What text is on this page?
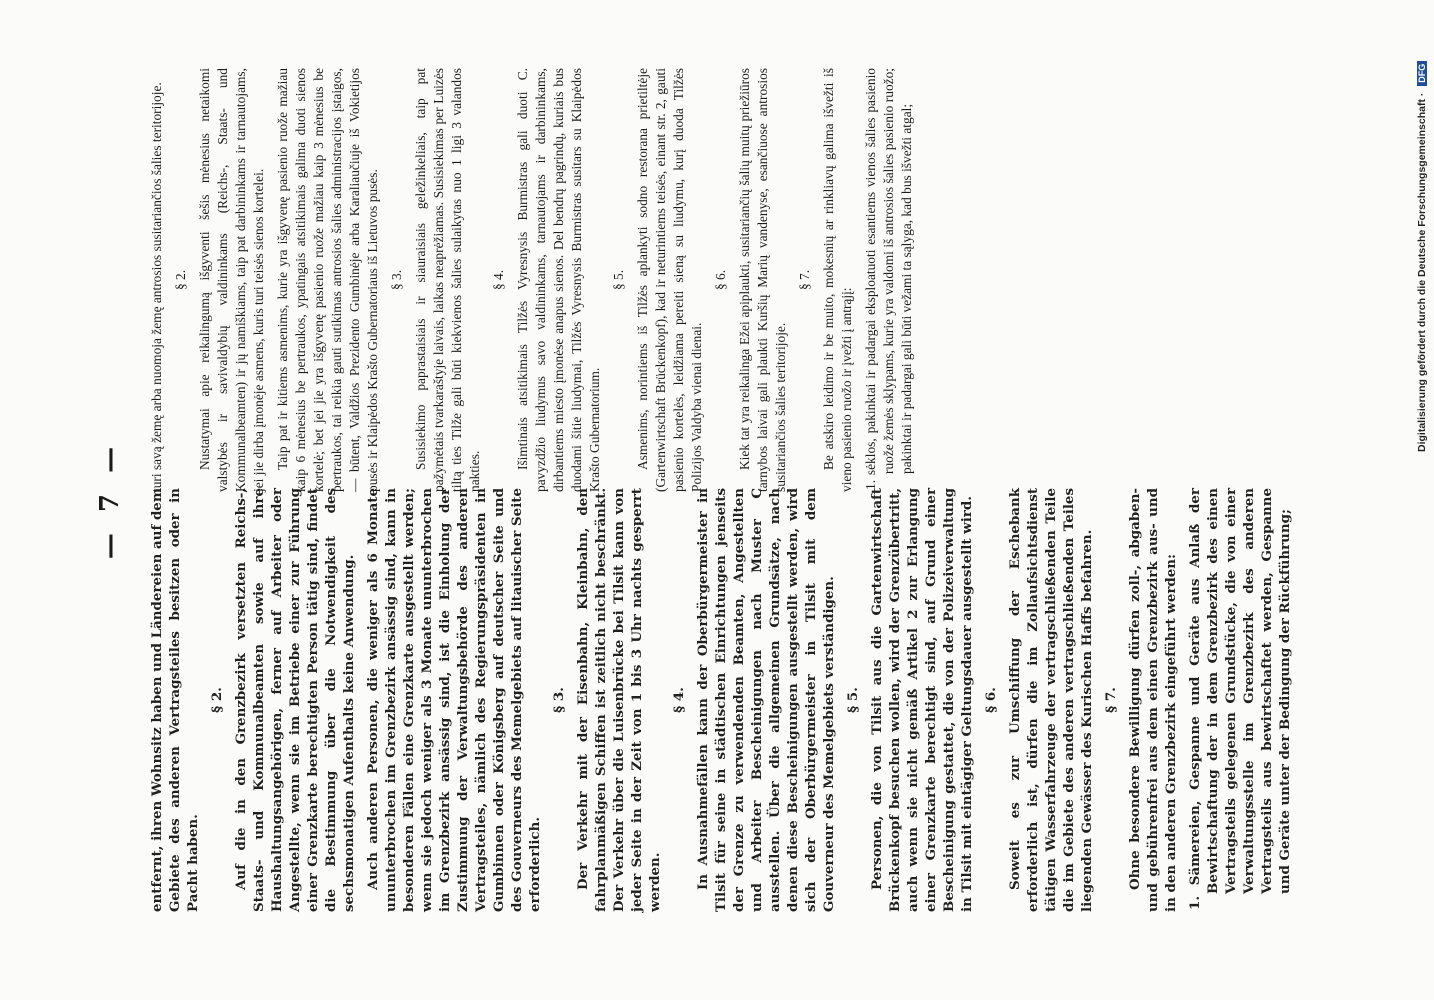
— 7 — entfernt, ihren Wohnsitz haben und Ländereien auf dem Gebiete des anderen Vertragsteiles besitzen oder in Pacht haben.

§ 2. Auf die in den Grenzbezirk versetzten Reichs-, Staats- und Kommunalbeamten sowie auf ihre Haushaltungsangehörigen, ferner auf Arbeiter oder Angestellte, wenn sie im Betriebe einer zur Führung einer Grenzkarte berechtigten Person tätig sind, findet die Bestimmung über die Notwendigkeit des sechsmonatigen Aufenthalts keine Anwendung. Auch anderen Personen, die weniger als 6 Monate ununterbrochen im Grenzbezirk ansässig sind, kann in besonderen Fällen eine Grenzkarte ausgestellt werden; wenn sie jedoch weniger als 3 Monate ununterbrochen im Grenzbezirk ansässig sind, ist die Einholung der Zustimmung der Verwaltungsbehörde des anderen Vertragsteiles, nämlich des Regierungspräsidenten in Gumbinnen oder Königsberg auf deutscher Seite und des Gouverneurs des Memelgebiets auf litauischer Seite erforderlich.

§ 3. Der Verkehr mit der Eisenbahn, Kleinbahn, den fahrplanmäßigen Schiffen ist zeitlich nicht beschränkt. Der Verkehr über die Luisenbrücke bei Tilsit kann von jeder Seite in der Zeit von 1 bis 3 Uhr nachts gesperrt werden.

§ 4. In Ausnahmefällen kann der Oberbürgermeister in Tilsit für seine in städtischen Einrichtungen jenseits der Grenze zu verwendenden Beamten, Angestellten und Arbeiter Bescheinigungen nach Muster C ausstellen. Über die allgemeinen Grundsätze, nach denen diese Bescheinigungen ausgestellt werden, wird sich der Oberbürgermeister in Tilsit mit dem Gouverneur des Memelgebiets verständigen. § 5. Personen, die von Tilsit aus die Gartenwirtschaft Brückenkopf besuchen wollen, wird der Grenzübertritt, auch wenn sie nicht gemäß Artikel 2 zur Erlangung einer Grenzkarte berechtigt sind, auf Grund einer Bescheinigung gestattet, die von der Polizeiverwaltung in Tilsit mit eintägiger Geltungsdauer ausgestellt wird. § 6. Soweit es zur Umschiffung der Eschebank erforderlich ist, dürfen die im Zollaufsichtsdienst tätigen Wasserfahrzeuge der vertragschließenden Teile die im Gebiete des anderen vertragschließenden Teiles liegenden Gewässer des Kurischen Haffs befahren. § 7. Ohne besondere Bewilligung dürfen zoll-, abgaben- und gebührenfrei aus dem einen Grenzbezirk aus- und in den anderen Grenzbezirk eingeführt werden: 1. Sämereien, Gespanne und Geräte aus Anlaß der Bewirtschaftung der in dem Grenzbezirk des einen Vertragsteils gelegenen Grundstücke, die von einer Verwaltungsstelle im Grenzbezirk des anderen Vertragsteils aus bewirtschaftet werden, Gespanne und Geräte unter der Bedingung der Rückführung;

turi savą žemę arba nuomoja žemę antrosios susitariančios šalies teritorijoje. § 2. Nustatymai apie reikalingumą išgyventi šešis mėnesius netaikomi valstybės ir savivaldybių valdininkams (Reichs-, Staats- und Kommunalbeamten) ir jų namiškiams, taip pat darbininkams ir tarnautojams, jei jie dirba įmonėje asmens, kuris turi teisės sienos kortelei. Taip pat ir kitiems asmenims, kurie yra išgyvenę pasienio ruože mažiau kaip 6 mėnesius be pertraukos, ypatingais atsitikimais galima duoti sienos kortelė; bet jei jie yra išgyvenę pasienio ruože mažiau kaip 3 mėnesius be pertraukos, tai reikia gauti sutikimas antrosios šalies administracijos įstaigos, — būtent, Valdžios Prezidento Gumbinėje arba Karaliaučiuje iš Vokietijos pusės ir Klaipėdos Krašto Gubernatoriaus iš Lietuvos pusės. § 3. Susisiekimo paprastaisiais ir siauraisiais geležinkeliais, taip pat pažymėtais tvarkaraštyje laivais, laikas neaprėžiamas. Susisiekimas per Luizės tiltą ties Tilže gali būti kiekvienos šalies sulaikytas nuo 1 ligi 3 valandos nakties.

§ 4. Išimtinais atsitikimais Tilžės Vyresnysis Burmistras gali duoti C. pavyzdžio liudymus savo valdininkams, tarnautojams ir darbininkams, dirbantiems miesto įmonėse anapus sienos. Del bendrų pagrindų, kuriais bus duodami šitie liudymai, Tilžės Vyresnysis Burmistras susitars su Klaipėdos Krašto Gubernatorium.

§ 5. Asmenims, norintiems iš Tilžės aplankyti sodno restorana prietiltėje (Gartenwirtschaft Brückenkopf), kad ir neturintiems teisės, einant str. 2, gauti pasienio kortelės, leidžiama pereiti sieną su liudymu, kurį duoda Tilžės Polizijos Valdyba vienai dienai.

§ 6. Kiek tat yra reikalinga Ežei apiplaukti, susitariančių šalių muitų priežiūros tarnybos laivai gali plaukti Kuršių Marių vandenyse, esančiuose antrosios susitariančios šalies teritorijoje.

§ 7. Be atskiro leidimo ir be muito, mokesnių ar rinkliavų galima išvežti iš vieno pasienio ruožo ir įvežti į antrąjį: 1. sėklos, pakinktai ir padargai eksploatuoti esantiems vienos šalies pasienio ruože žemės sklypams, kurie yra valdomi iš antrosios šalies pasienio ruožo; pakinktai ir padargai gali būti vežami ta sąlyga, kad bus išvežti atgal;	Digitalisierung gefördert durch die Deutsche Forschungsgemeinschaft · DFG
